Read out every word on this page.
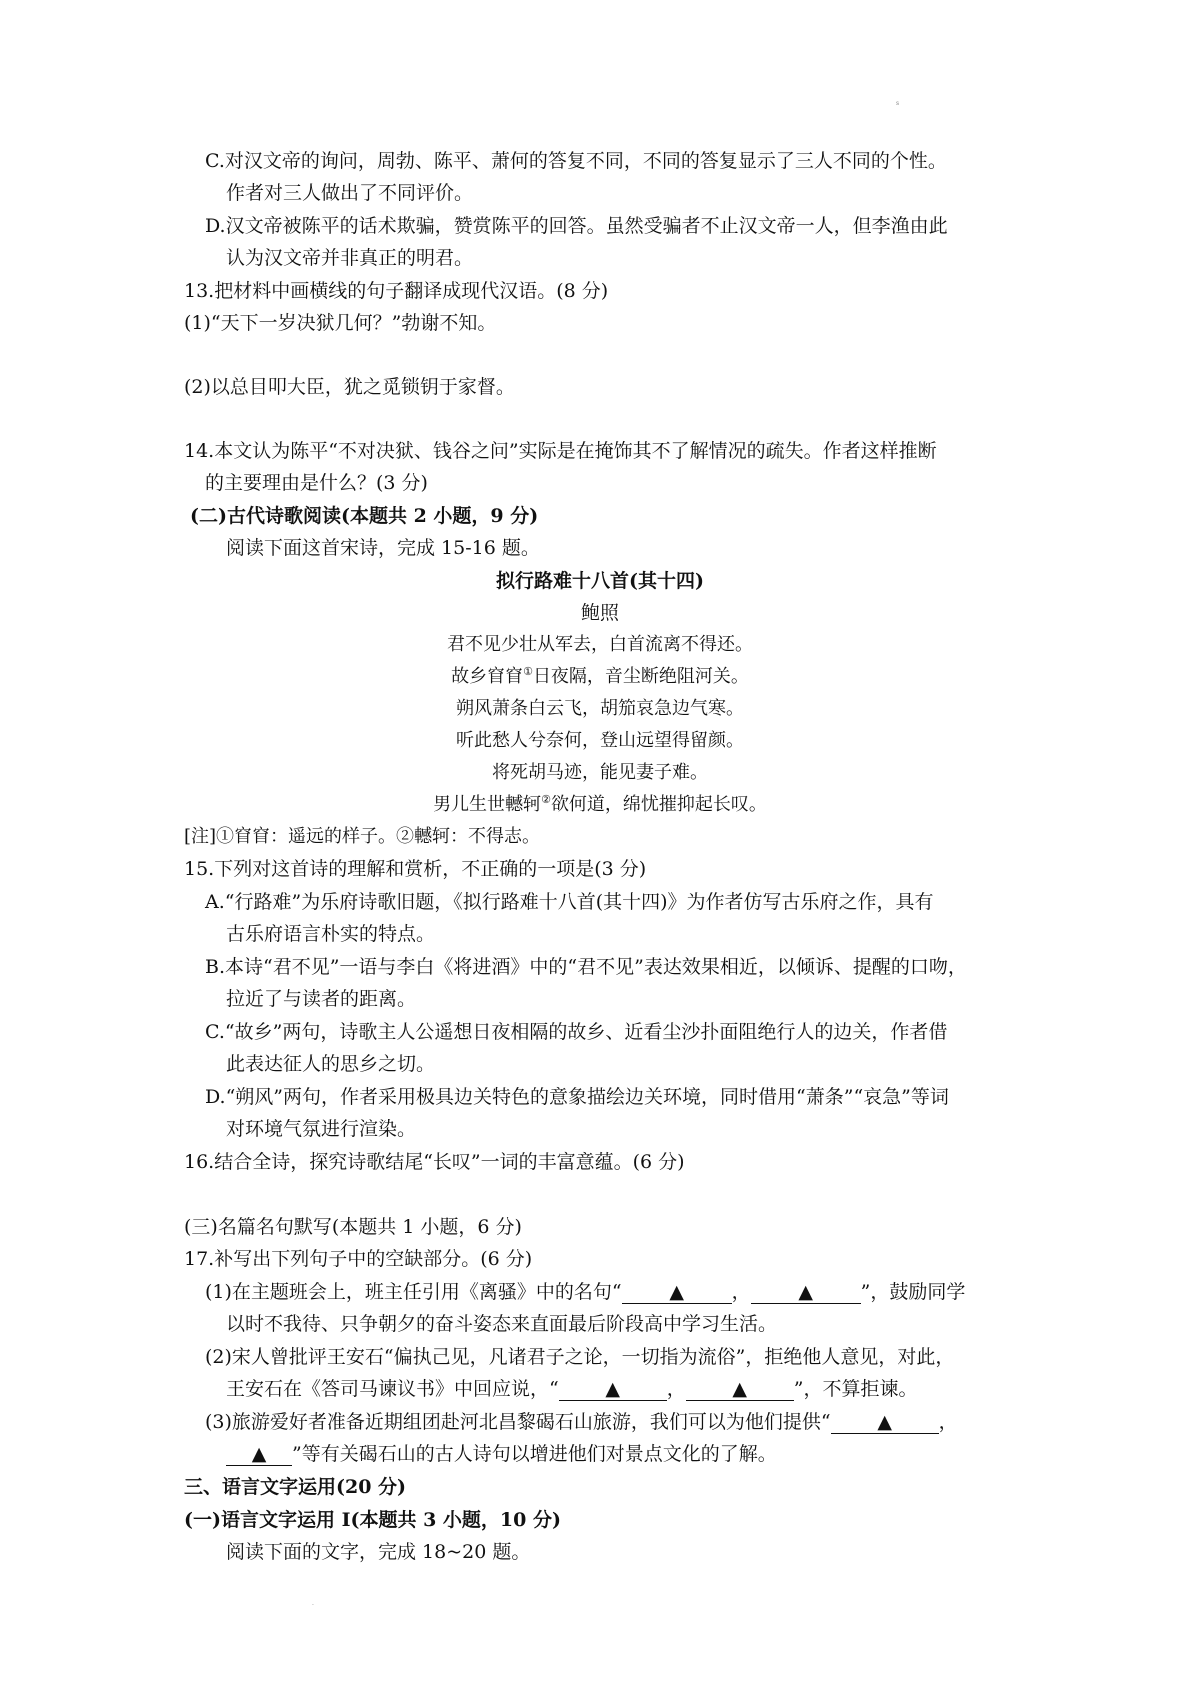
s
C.对汉文帝的询问，周勃、陈平、萧何的答复不同，不同的答复显示了三人不同的个性。
作者对三人做出了不同评价。
D.汉文帝被陈平的话术欺骗，赞赏陈平的回答。虽然受骗者不止汉文帝一人，但李渔由此
认为汉文帝并非真正的明君。
13.把材料中画横线的句子翻译成现代汉语。(8 分)
(1)“天下一岁决狱几何？”勃谢不知。
(2)以总目叩大臣，犹之觅锁钥于家督。
14.本文认为陈平“不对决狱、钱谷之问”实际是在掩饰其不了解情况的疏失。作者这样推断
的主要理由是什么？(3 分)
(二)古代诗歌阅读(本题共 2 小题，9 分)
阅读下面这首宋诗，完成 15-16 题。
拟行路难十八首(其十四)
鲍照
君不见少壮从军去，白首流离不得还。
故乡窅窅①日夜隔，音尘断绝阻河关。
朔风萧条白云飞，胡笳哀急边气寒。
听此愁人兮奈何，登山远望得留颜。
将死胡马迹，能见妻子难。
男儿生世轗轲②欲何道，绵忧摧抑起长叹。
[注]①窅窅：遥远的样子。②轗轲：不得志。
15.下列对这首诗的理解和赏析，不正确的一项是(3 分)
A.“行路难”为乐府诗歌旧题，《拟行路难十八首(其十四)》为作者仿写古乐府之作，具有
古乐府语言朴实的特点。
B.本诗“君不见”一语与李白《将进酒》中的“君不见”表达效果相近，以倾诉、提醒的口吻，
拉近了与读者的距离。
C.“故乡”两句，诗歌主人公遥想日夜相隔的故乡、近看尘沙扑面阻绝行人的边关，作者借
此表达征人的思乡之切。
D.“朔风”两句，作者采用极具边关特色的意象描绘边关环境，同时借用“萧条”“哀急”等词
对环境气氛进行渲染。
16.结合全诗，探究诗歌结尾“长叹”一词的丰富意蕴。(6 分)
(三)名篇名句默写(本题共 1 小题，6 分)
17.补写出下列句子中的空缺部分。(6 分)
(1)在主题班会上，班主任引用《离骚》中的名句“	▲	，	▲	”，鼓励同学
以时不我待、只争朝夕的奋斗姿态来直面最后阶段高中学习生活。
(2)宋人曾批评王安石“偏执己见，凡诸君子之论，一切指为流俗”，拒绝他人意见，对此，
王安石在《答司马谏议书》中回应说，“ ▲ ， ▲ ”，不算拒谏。
(3)旅游爱好者准备近期组团赴河北昌黎碣石山旅游，我们可以为他们提供“ ▲ ，
▲ ”等有关碣石山的古人诗句以增进他们对景点文化的了解。
三、语言文字运用(20 分)
(一)语言文字运用 I(本题共 3 小题，10 分)
阅读下面的文字，完成 18~20 题。
.
